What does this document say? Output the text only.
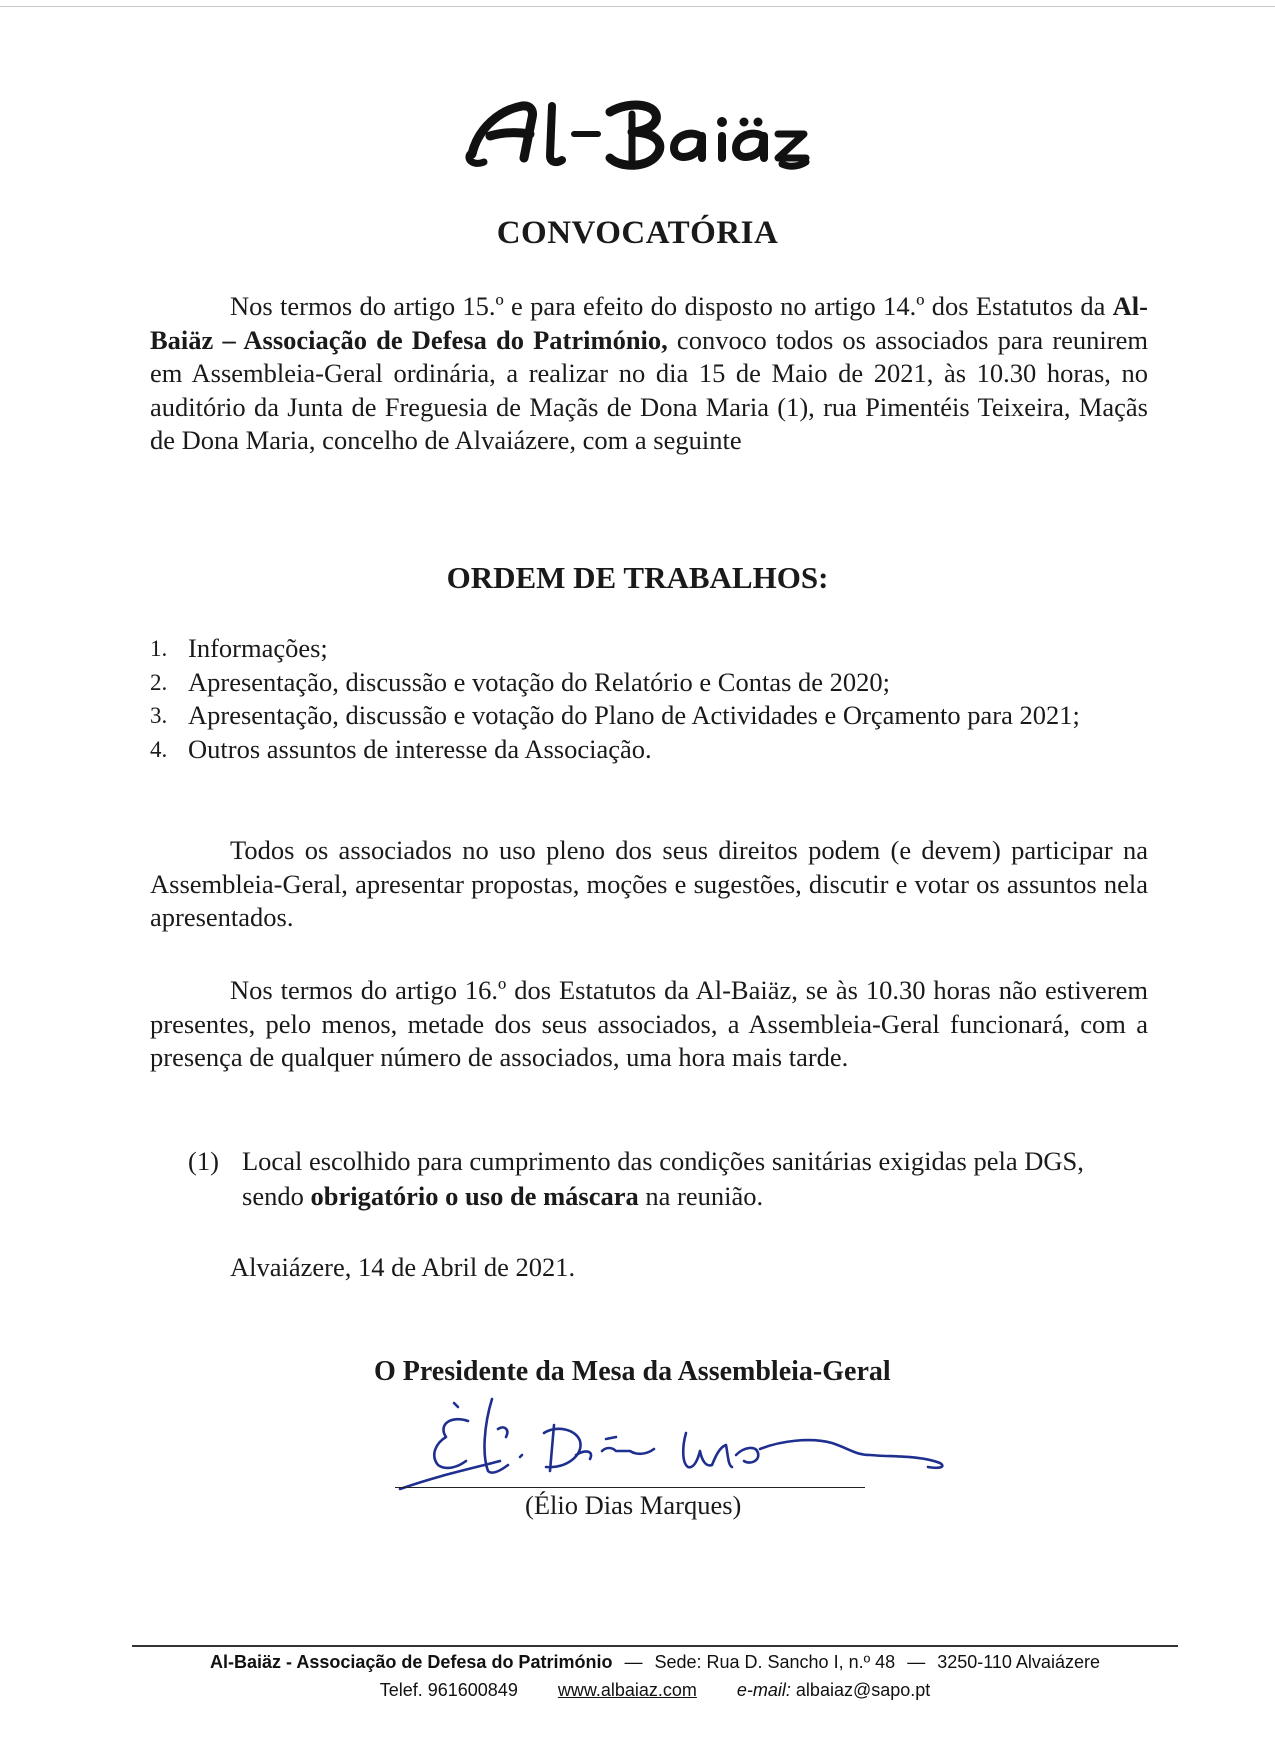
CONVOCATÓRIA
Nos termos do artigo 15.º e para efeito do disposto no artigo 14.º dos Estatutos da Al-Baiäz – Associação de Defesa do Património, convoco todos os associados para reunirem em Assembleia-Geral ordinária, a realizar no dia 15 de Maio de 2021, às 10.30 horas, no auditório da Junta de Freguesia de Maçãs de Dona Maria (1), rua Pimentéis Teixeira, Maçãs de Dona Maria, concelho de Alvaiázere, com a seguinte
ORDEM DE TRABALHOS:
1. Informações;
2. Apresentação, discussão e votação do Relatório e Contas de 2020;
3. Apresentação, discussão e votação do Plano de Actividades e Orçamento para 2021;
4. Outros assuntos de interesse da Associação.
Todos os associados no uso pleno dos seus direitos podem (e devem) participar na Assembleia-Geral, apresentar propostas, moções e sugestões, discutir e votar os assuntos nela apresentados.
Nos termos do artigo 16.º dos Estatutos da Al-Baiäz, se às 10.30 horas não estiverem presentes, pelo menos, metade dos seus associados, a Assembleia-Geral funcionará, com a presença de qualquer número de associados, uma hora mais tarde.
(1) Local escolhido para cumprimento das condições sanitárias exigidas pela DGS, sendo obrigatório o uso de máscara na reunião.
Alvaiázere, 14 de Abril de 2021.
O Presidente da Mesa da Assembleia-Geral
(Élio Dias Marques)
Al-Baiäz - Associação de Defesa do Património — Sede: Rua D. Sancho I, n.º 48 — 3250-110 Alvaiázere
Telef. 961600849 www.albaiaz.com e-mail: albaiaz@sapo.pt
